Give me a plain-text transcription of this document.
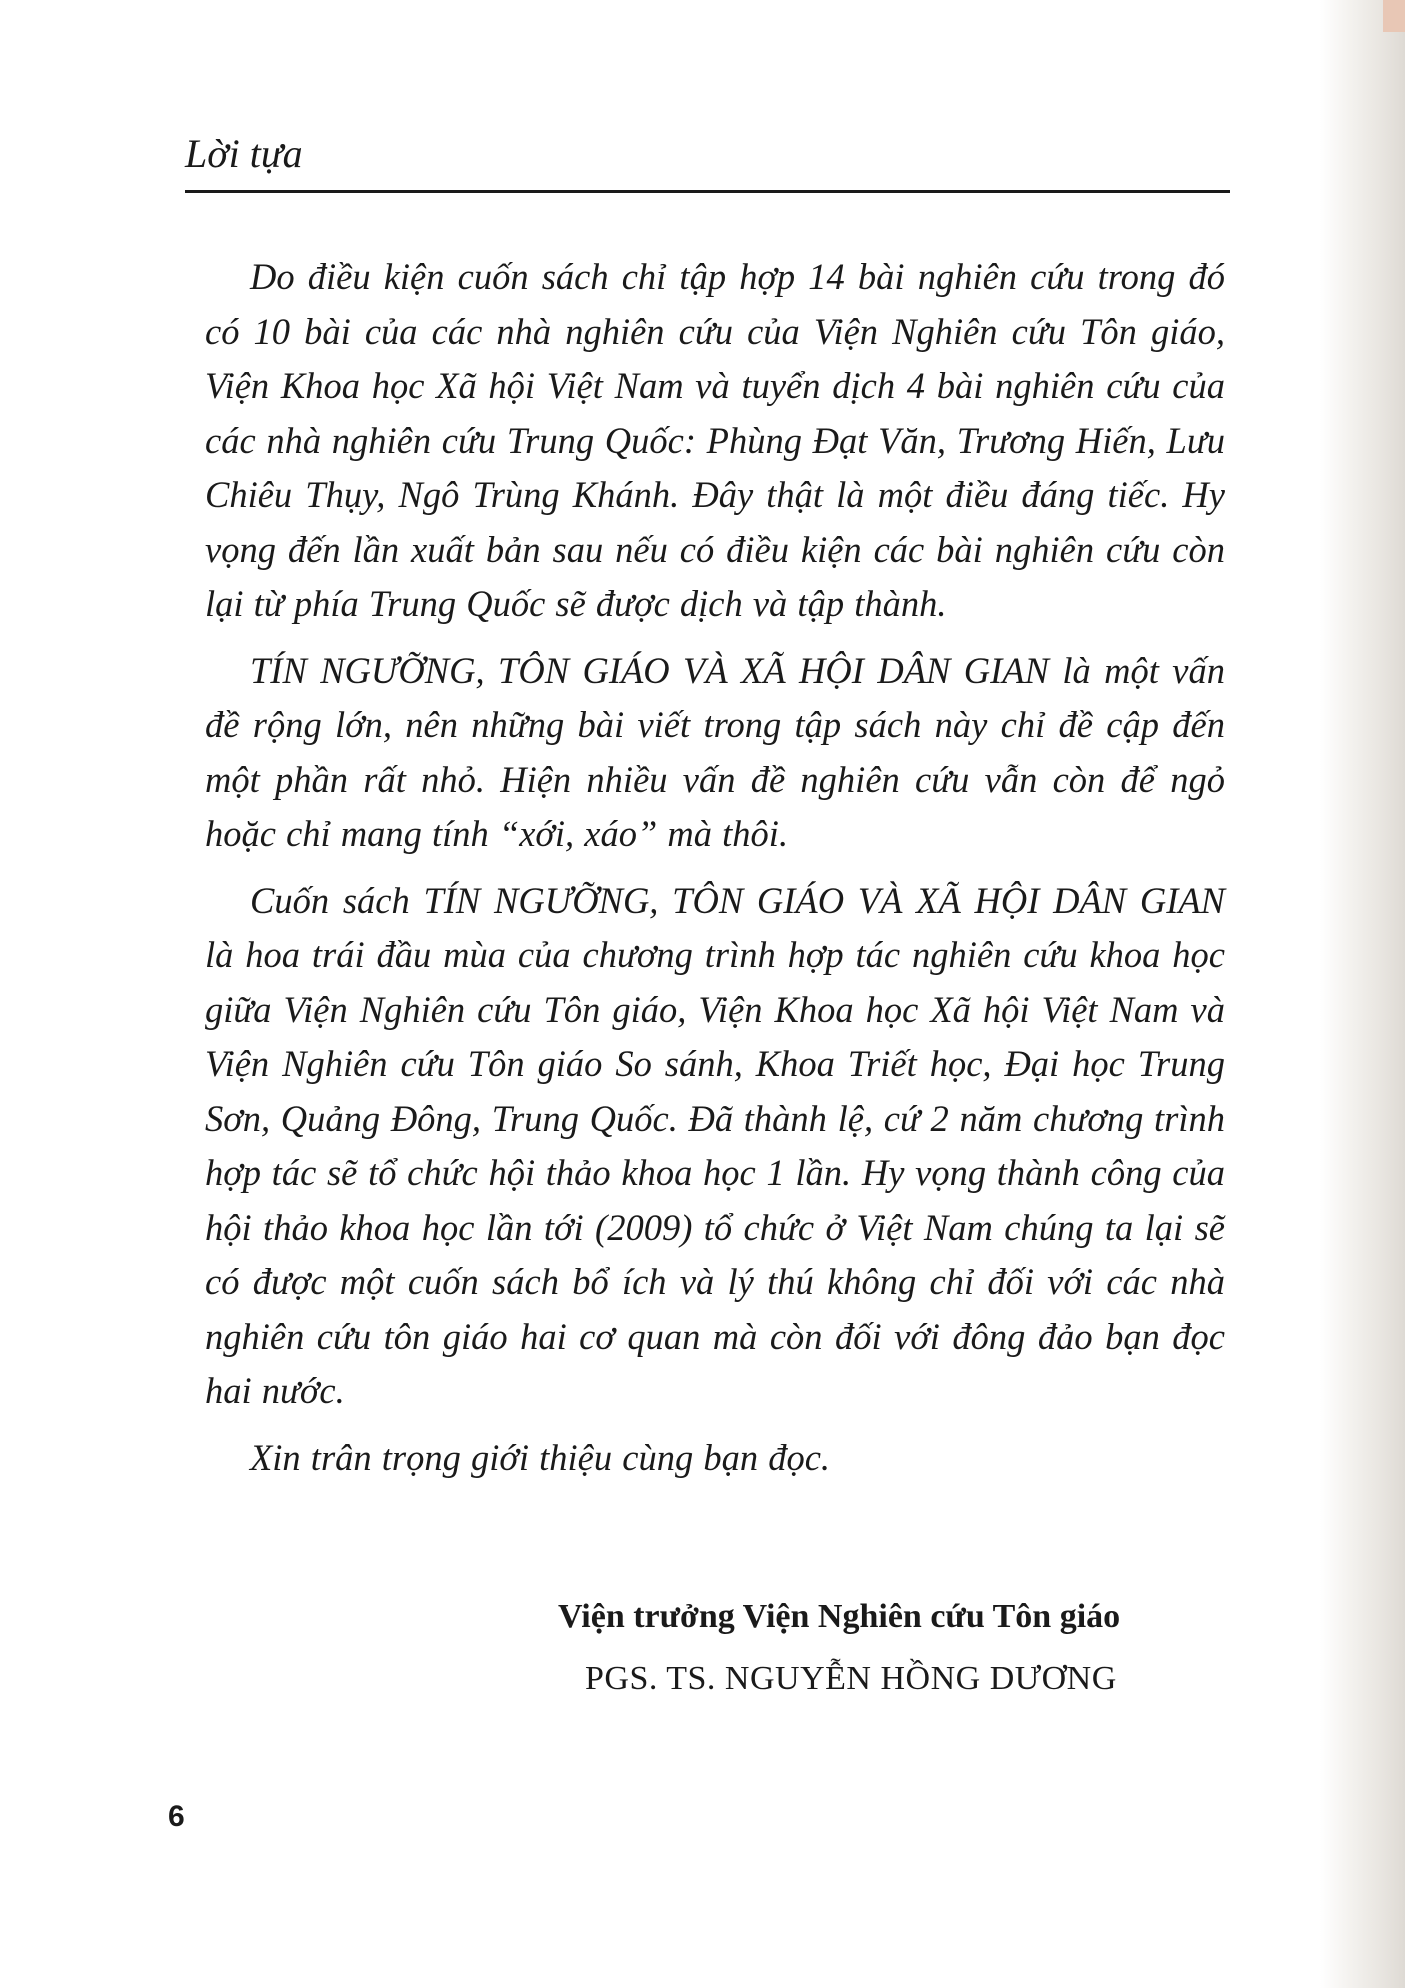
Lời tựa

Do điều kiện cuốn sách chỉ tập hợp 14 bài nghiên cứu trong đó có 10 bài của các nhà nghiên cứu của Viện Nghiên cứu Tôn giáo, Viện Khoa học Xã hội Việt Nam và tuyển dịch 4 bài nghiên cứu của các nhà nghiên cứu Trung Quốc: Phùng Đạt Văn, Trương Hiến, Lưu Chiêu Thụy, Ngô Trùng Khánh. Đây thật là một điều đáng tiếc. Hy vọng đến lần xuất bản sau nếu có điều kiện các bài nghiên cứu còn lại từ phía Trung Quốc sẽ được dịch và tập thành.

TÍN NGƯỠNG, TÔN GIÁO VÀ XÃ HỘI DÂN GIAN là một vấn đề rộng lớn, nên những bài viết trong tập sách này chỉ đề cập đến một phần rất nhỏ. Hiện nhiều vấn đề nghiên cứu vẫn còn để ngỏ hoặc chỉ mang tính “xới, xáo” mà thôi.

Cuốn sách TÍN NGƯỠNG, TÔN GIÁO VÀ XÃ HỘI DÂN GIAN là hoa trái đầu mùa của chương trình hợp tác nghiên cứu khoa học giữa Viện Nghiên cứu Tôn giáo, Viện Khoa học Xã hội Việt Nam và Viện Nghiên cứu Tôn giáo So sánh, Khoa Triết học, Đại học Trung Sơn, Quảng Đông, Trung Quốc. Đã thành lệ, cứ 2 năm chương trình hợp tác sẽ tổ chức hội thảo khoa học 1 lần. Hy vọng thành công của hội thảo khoa học lần tới (2009) tổ chức ở Việt Nam chúng ta lại sẽ có được một cuốn sách bổ ích và lý thú không chỉ đối với các nhà nghiên cứu tôn giáo hai cơ quan mà còn đối với đông đảo bạn đọc hai nước.

Xin trân trọng giới thiệu cùng bạn đọc.

Viện trưởng Viện Nghiên cứu Tôn giáo
PGS. TS. NGUYỄN HỒNG DƯƠNG
6
